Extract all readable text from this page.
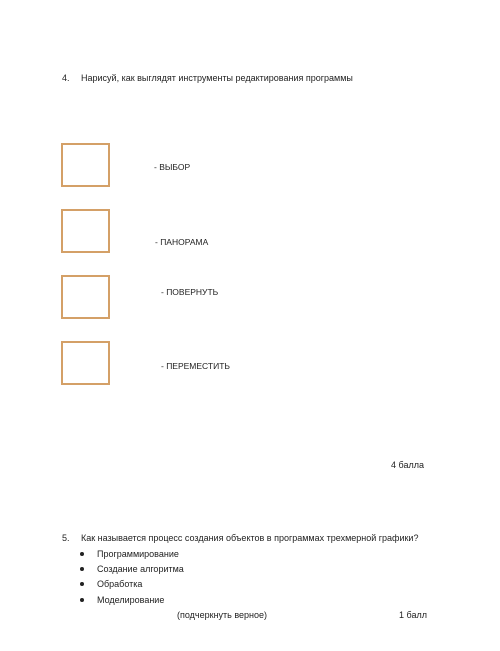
4. Нарисуй, как выглядят инструменты редактирования программы
- ВЫБОР
- ПАНОРАМА
- ПОВЕРНУТЬ
- ПЕРЕМЕСТИТЬ
4 балла
5. Как называется процесс создания объектов в программах трехмерной графики?
Программирование
Создание алгоритма
Обработка
Моделирование
(подчеркнуть верное)	1 балл
